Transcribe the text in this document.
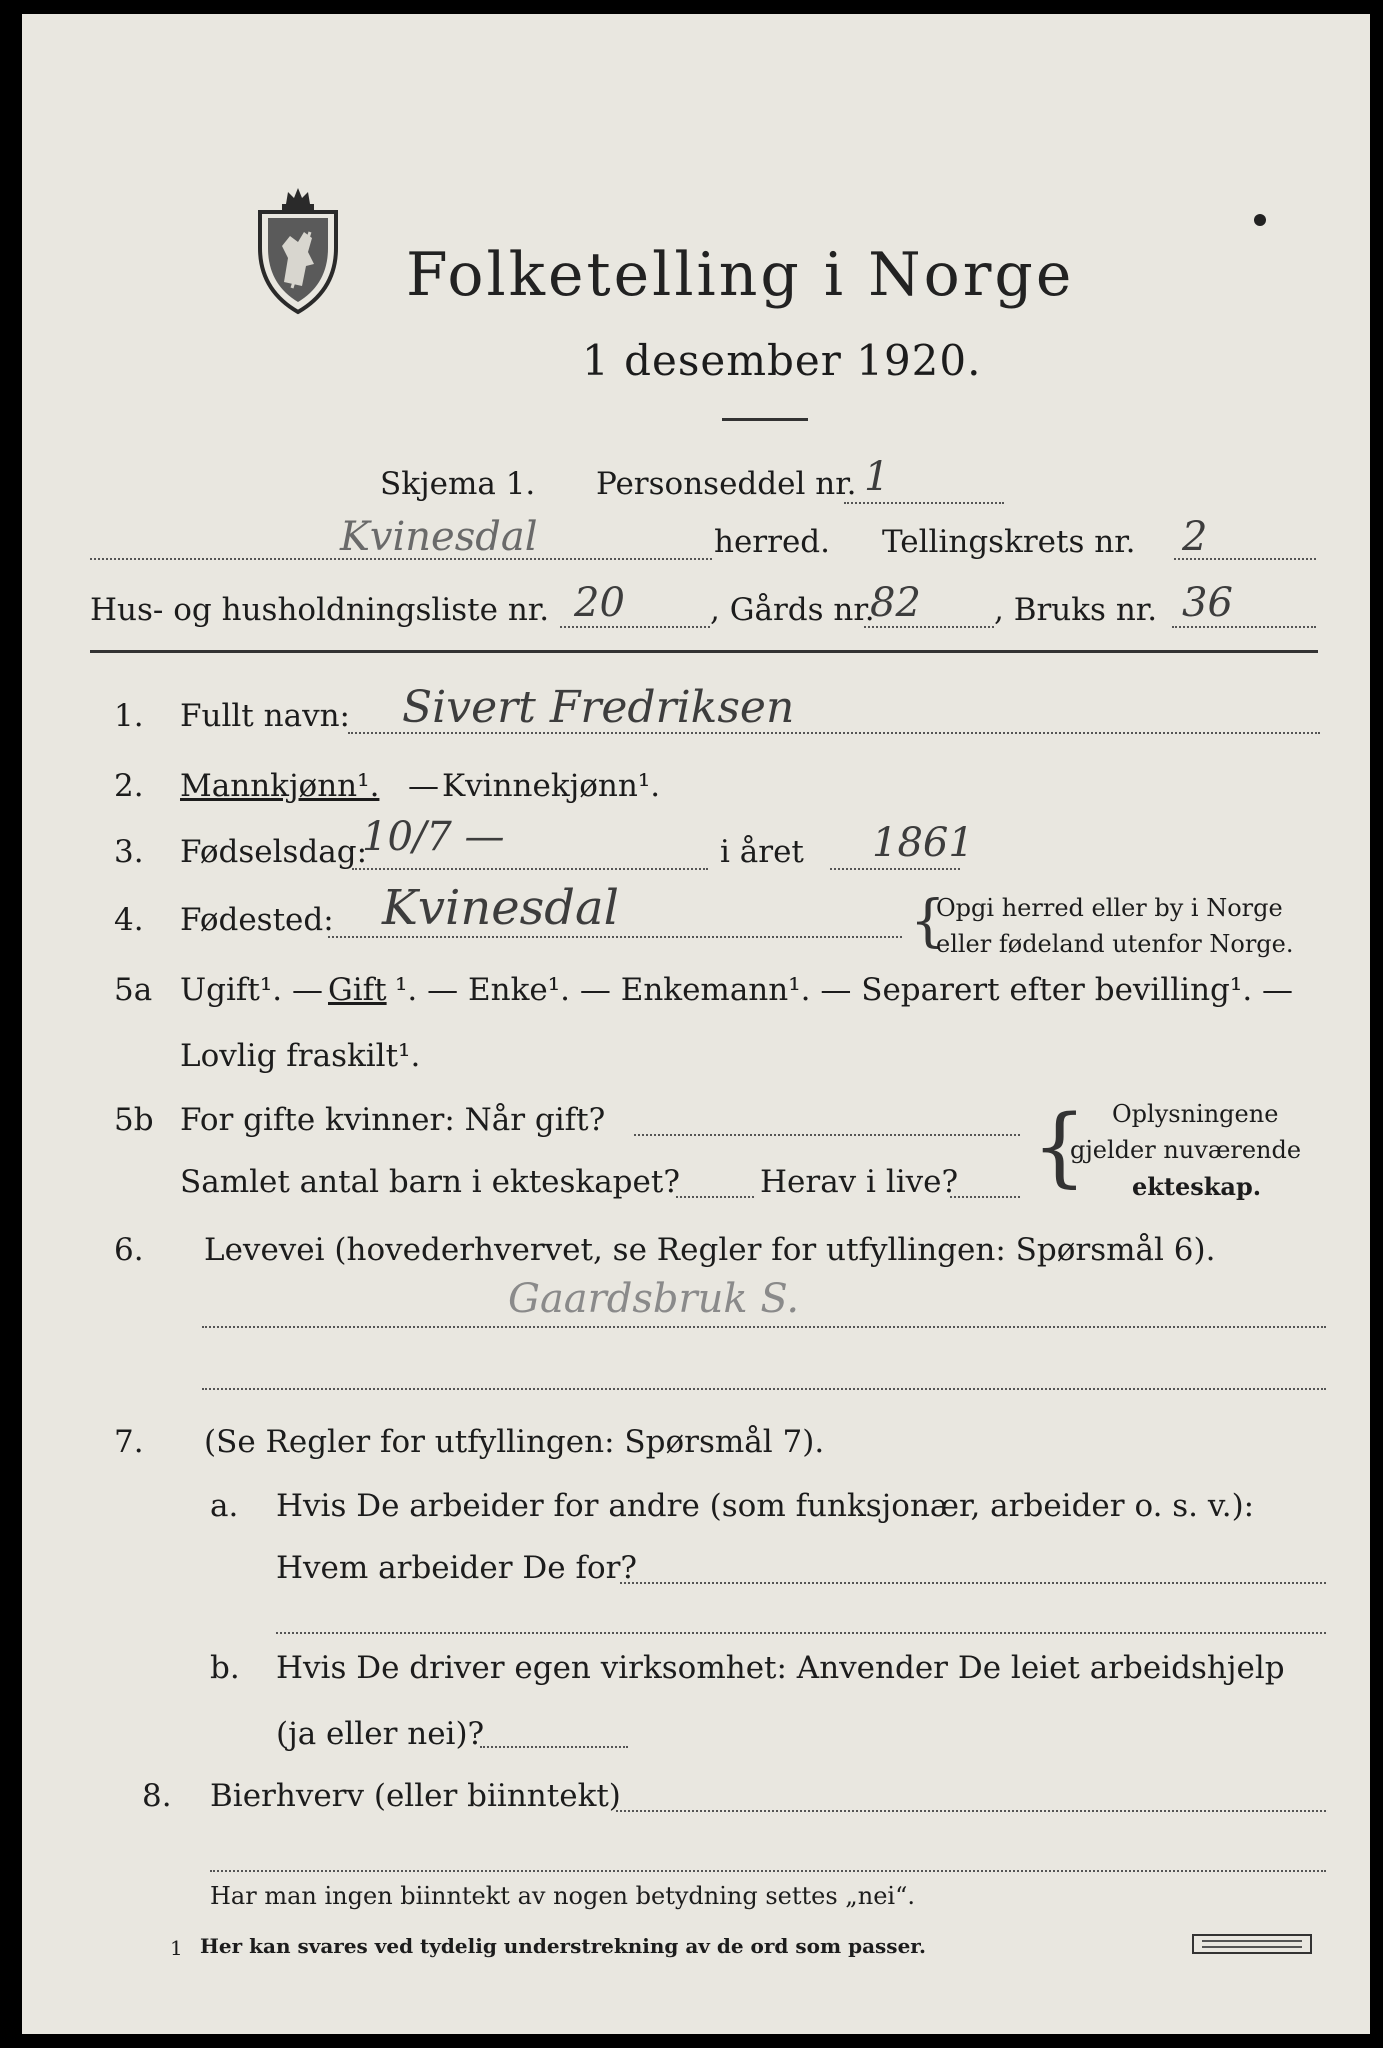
Folketelling i Norge
1 desember 1920.
Skjema 1. Personseddel nr. 1
Kvinesdal	herred. Tellingskrets nr. 2
Hus- og husholdningsliste nr. 20	, Gårds nr.
82 , Bruks nr. 36
1. Fullt navn: Sivert Fredriksen
2. Mannkjønn¹. — Kvinnekjønn¹.
3. Fødselsdag:
10/7 —	i året 1861
4. Fødested: Kvinesdal	{
Opgi herred eller by i Norge
eller fødeland utenfor Norge.
5a Ugift¹. — Gift ¹. — Enke¹. — Enkemann¹. — Separert efter bevilling¹. —
Lovlig fraskilt¹.
5b For gifte kvinner: Når gift?
Samlet antal barn i ekteskapet?	Herav i live? { Oplysningene
gjelder nuværende
ekteskap.
6. Levevei (hovederhvervet, se Regler for utfyllingen: Spørsmål 6).
Gaardsbruk S.
7. (Se Regler for utfyllingen: Spørsmål 7).
a. Hvis De arbeider for andre (som funksjonær, arbeider o. s. v.):
Hvem arbeider De for?
b. Hvis De driver egen virksomhet: Anvender De leiet arbeidshjelp
(ja eller nei)?
8. Bierhverv (eller biinntekt)
Har man ingen biinntekt av nogen betydning settes „nei“.
1 Her kan svares ved tydelig understrekning av de ord som passer.
